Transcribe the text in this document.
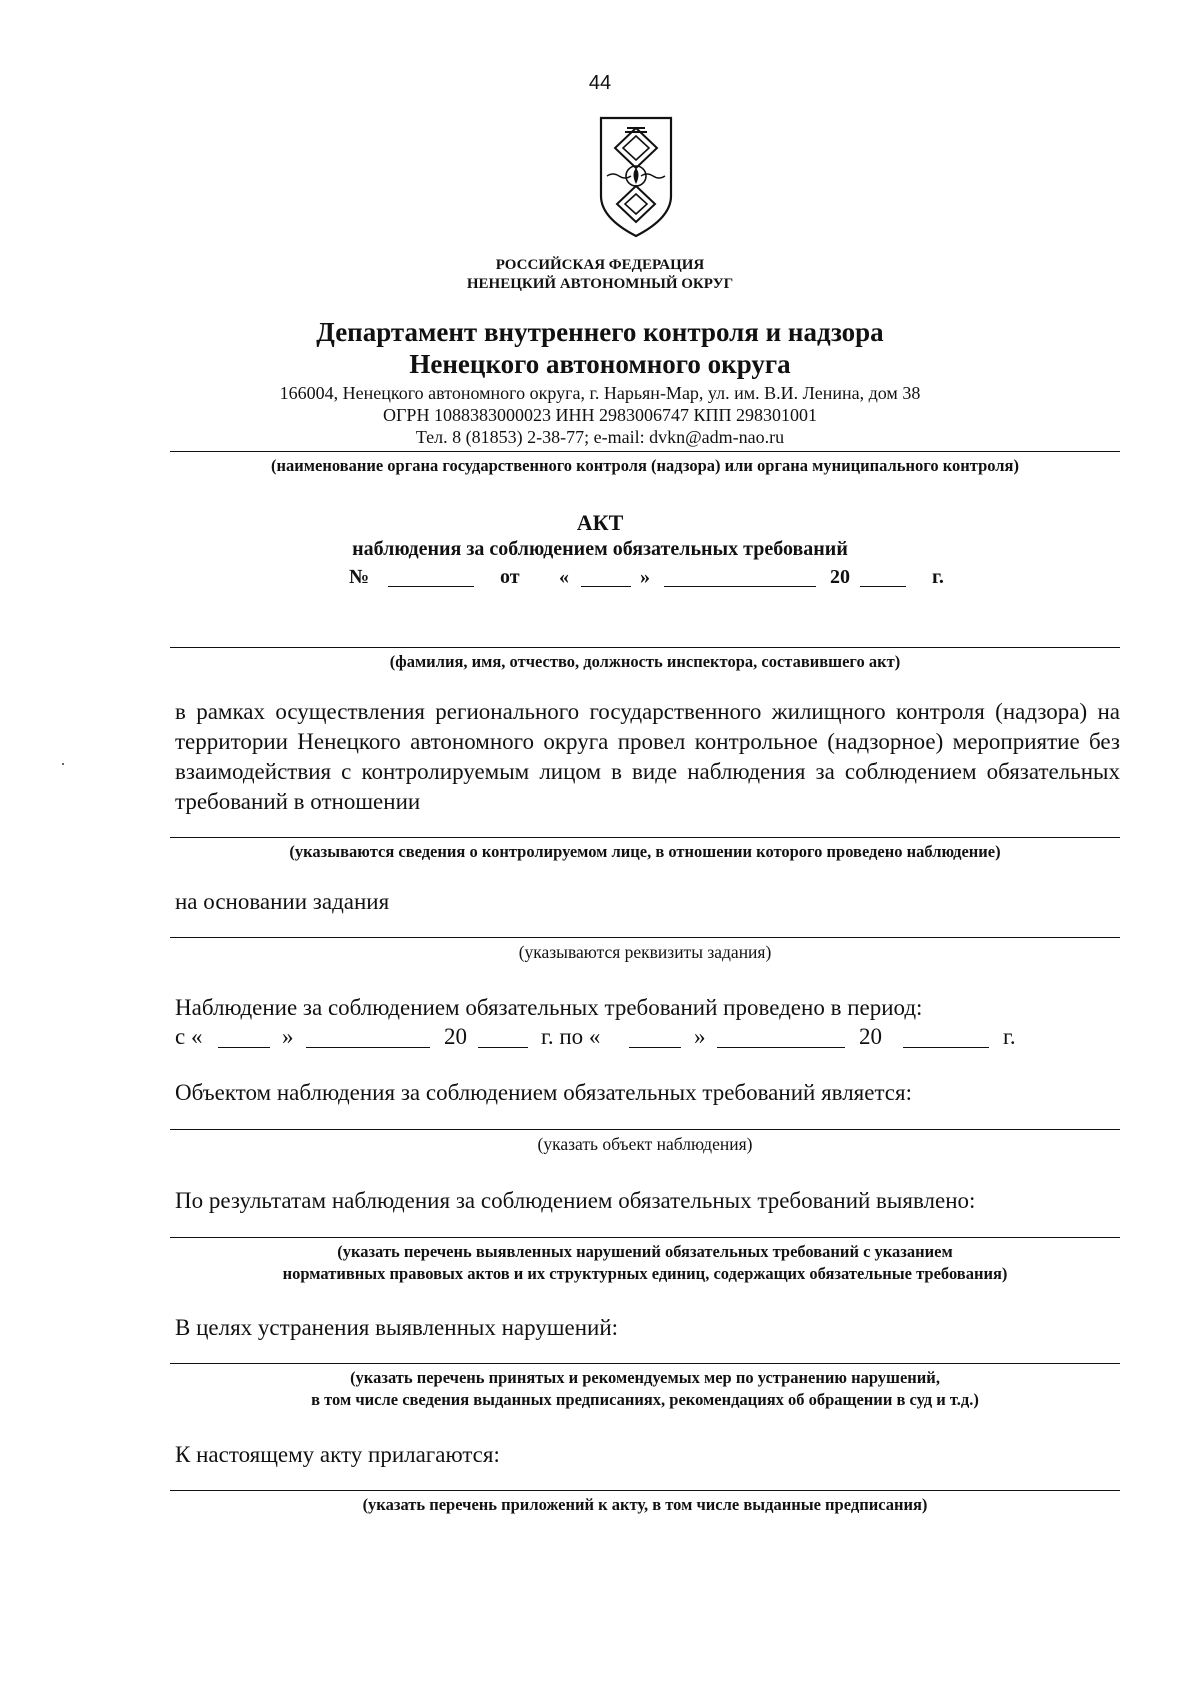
44
РОССИЙСКАЯ ФЕДЕРАЦИЯ
НЕНЕЦКИЙ АВТОНОМНЫЙ ОКРУГ
Департамент внутреннего контроля и надзора
Ненецкого автономного округа
166004, Ненецкого автономного округа, г. Нарьян-Мар, ул. им. В.И. Ленина, дом 38
ОГРН 1088383000023 ИНН 2983006747 КПП 298301001
Тел. 8 (81853) 2-38-77; e-mail: dvkn@adm-nao.ru
(наименование органа государственного контроля (надзора) или органа муниципального контроля)
АКТ
наблюдения за соблюдением обязательных требований
№	от «	»	20	г.
(фамилия, имя, отчество, должность инспектора, составившего акт)
в рамках осуществления регионального государственного жилищного контроля (надзора) на территории Ненецкого автономного округа провел контрольное (надзорное) мероприятие без взаимодействия с контролируемым лицом в виде наблюдения за соблюдением обязательных требований в отношении
(указываются сведения о контролируемом лице, в отношении которого проведено наблюдение)
на основании задания
(указываются реквизиты задания)
Наблюдение за соблюдением обязательных требований проведено в период:
с «	»	20	г. по «	»	20	г.
Объектом наблюдения за соблюдением обязательных требований является:
(указать объект наблюдения)
По результатам наблюдения за соблюдением обязательных требований выявлено:
(указать перечень выявленных нарушений обязательных требований с указанием
нормативных правовых актов и их структурных единиц, содержащих обязательные требования)
В целях устранения выявленных нарушений:
(указать перечень принятых и рекомендуемых мер по устранению нарушений,
в том числе сведения выданных предписаниях, рекомендациях об обращении в суд и т.д.)
К настоящему акту прилагаются:
(указать перечень приложений к акту, в том числе выданные предписания)
